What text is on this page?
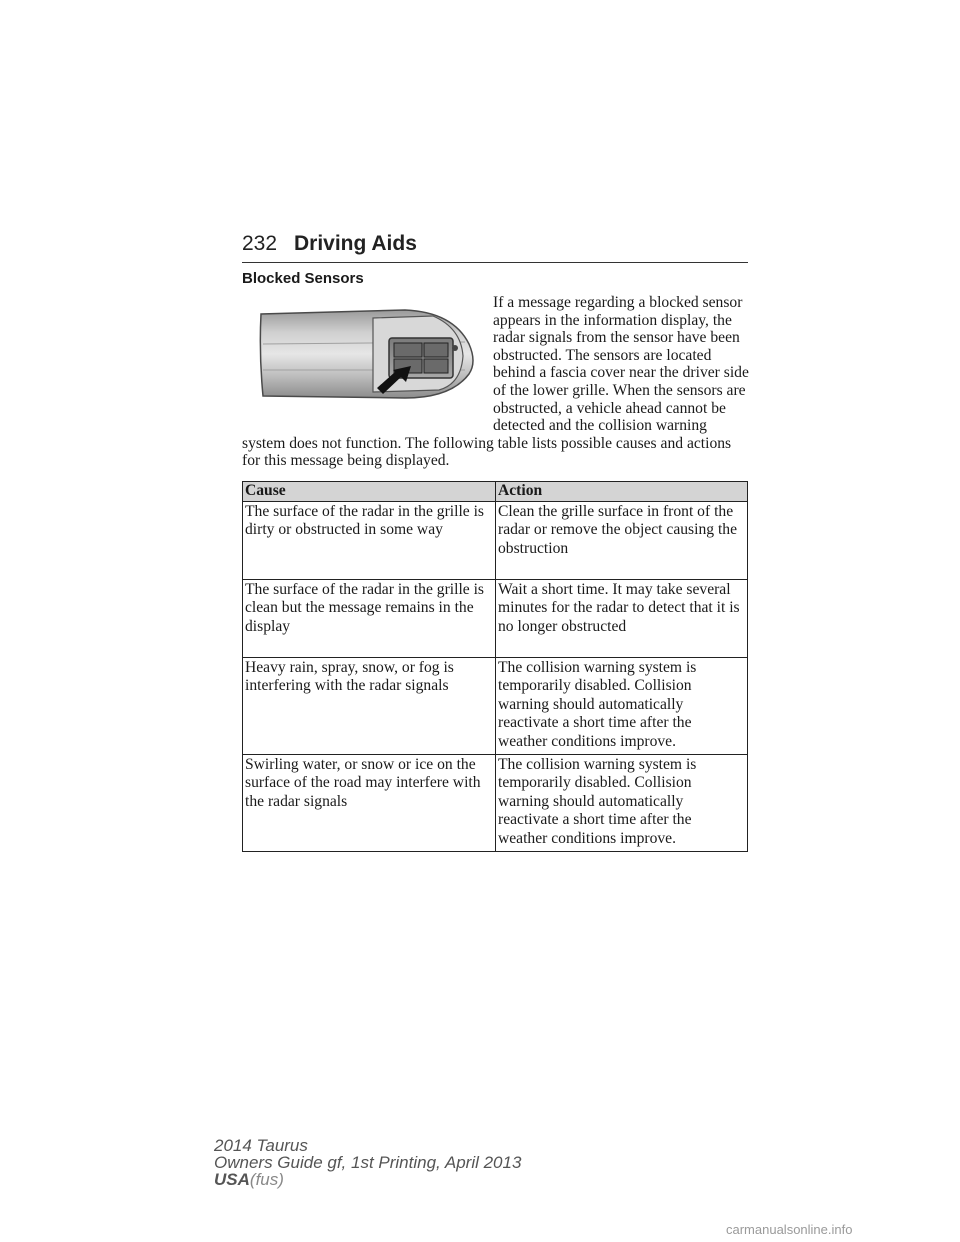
232 Driving Aids
Blocked Sensors

If a message regarding a blocked sensor appears in the information display, the radar signals from the sensor have been obstructed. The sensors are located behind a fascia cover near the driver side of the lower grille. When the sensors are obstructed, a vehicle ahead cannot be detected and the collision warning system does not function. The following table lists possible causes and actions for this message being displayed.

Cause	Action
The surface of the radar in the grille is dirty or obstructed in some way	Clean the grille surface in front of the radar or remove the object causing the obstruction
The surface of the radar in the grille is clean but the message remains in the display	Wait a short time. It may take several minutes for the radar to detect that it is no longer obstructed
Heavy rain, spray, snow, or fog is interfering with the radar signals	The collision warning system is temporarily disabled. Collision warning should automatically reactivate a short time after the weather conditions improve.
Swirling water, or snow or ice on the surface of the road may interfere with the radar signals	The collision warning system is temporarily disabled. Collision warning should automatically reactivate a short time after the weather conditions improve.
2014 Taurus
Owners Guide gf, 1st Printing, April 2013
USA(fus)
carmanualsonline.info
